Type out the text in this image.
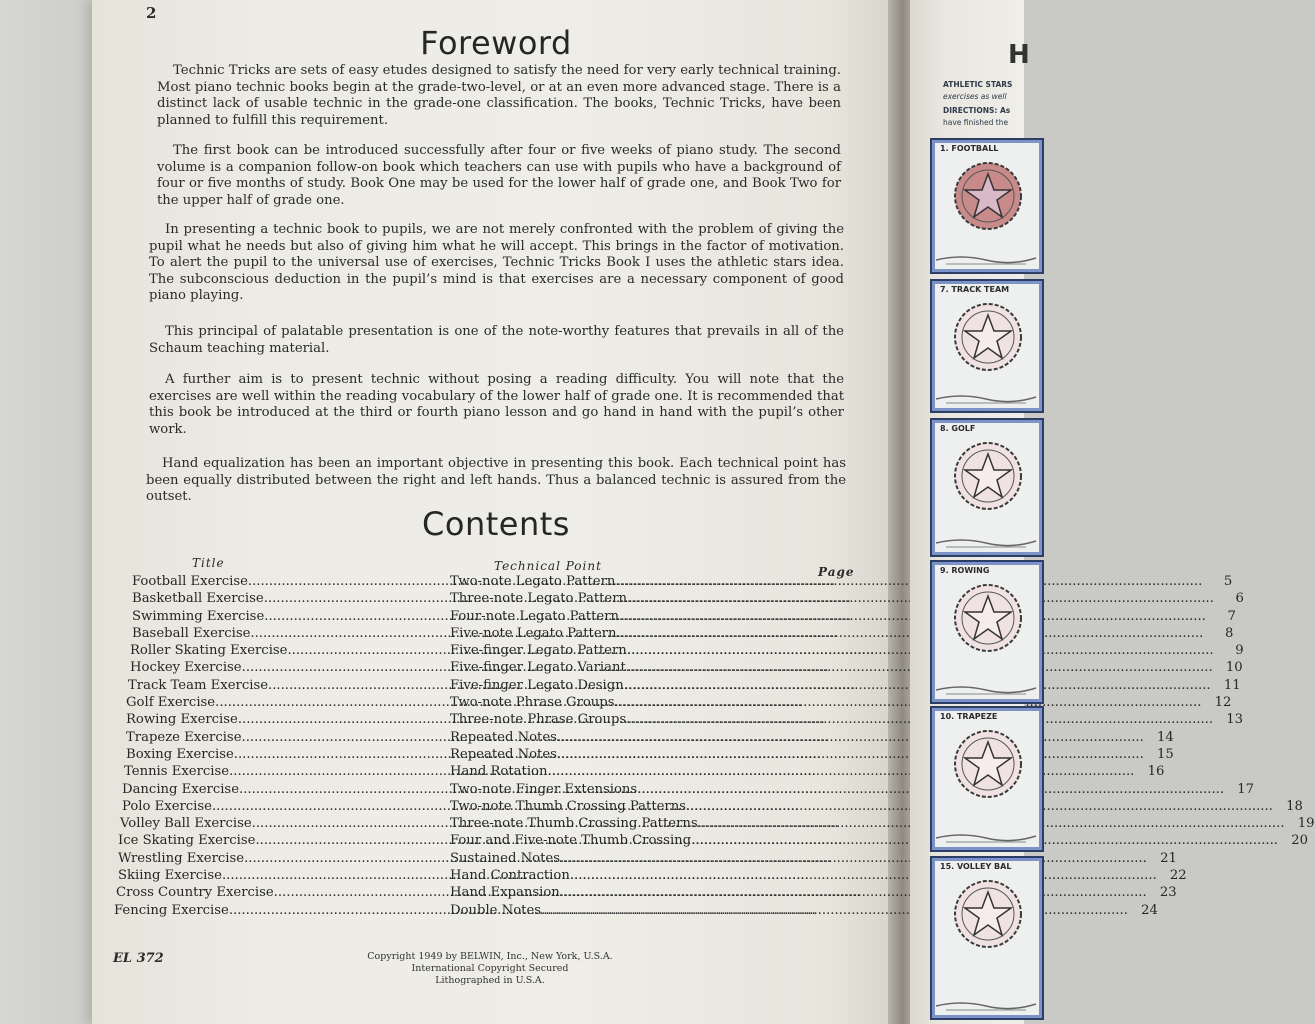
2
Foreword

Technic Tricks are sets of easy etudes designed to satisfy the need for very early technical training. Most piano technic books begin at the grade-two-level, or at an even more advanced stage. There is a distinct lack of usable technic in the grade-one classification. The books, Technic Tricks, have been planned to fulfill this requirement.

The first book can be introduced successfully after four or five weeks of piano study. The second volume is a companion follow-on book which teachers can use with pupils who have a background of four or five months of study. Book One may be used for the lower half of grade one, and Book Two for the upper half of grade one.

In presenting a technic book to pupils, we are not merely confronted with the problem of giving the pupil what he needs but also of giving him what he will accept. This brings in the factor of motivation. To alert the pupil to the universal use of exercises, Technic Tricks Book I uses the athletic stars idea. The subconscious deduction in the pupil’s mind is that exercises are a necessary component of good piano playing.

This principal of palatable presentation is one of the note-worthy features that prevails in all of the Schaum teaching material.

A further aim is to present technic without posing a reading difficulty. You will note that the exercises are well within the reading vocabulary of the lower half of grade one. It is recommended that this book be introduced at the third or fourth piano lesson and go hand in hand with the pupil’s other work.

Hand equalization has been an important objective in presenting this book. Each technical point has been equally distributed between the right and left hands. Thus a balanced technic is assured from the outset.

Contents
Title	Technical Point	Page
Football Exercise .....	Two-note Legato Pattern .....	5
Basketball Exercise .....	Three-note Legato Pattern .....	6
Swimming Exercise .....	Four-note Legato Pattern .....	7
Baseball Exercise .....	Five-note Legato Pattern .....	8
Roller Skating Exercise .....	Five-finger Legato Pattern .....	9
Hockey Exercise .....	Five-finger Legato Variant .....	10
Track Team Exercise .....	Five-finger Legato Design .....	11
Golf Exercise .....	Two-note Phrase Groups .....	12
Rowing Exercise .....	Three-note Phrase Groups .....	13
Trapeze Exercise .....	Repeated Notes .....	14
Boxing Exercise .....	Repeated Notes .....	15
Tennis Exercise .....	Hand Rotation .....	16
Dancing Exercise .....	Two-note Finger Extensions .....	17
Polo Exercise .....	Two-note Thumb Crossing Patterns .....	18
Volley Ball Exercise .....	Three-note Thumb Crossing Patterns .....	19
Ice Skating Exercise .....	Four and Five-note Thumb Crossing .....	20
Wrestling Exercise .....	Sustained Notes .....	21
Skiing Exercise .....	Hand Contraction .....	22
Cross Country Exercise .....	Hand Expansion .....	23
Fencing Exercise .....	Double Notes .....	24
EL 372	Copyright 1949 by BELWIN, Inc., New York, U.S.A.
International Copyright Secured
Lithographed in U.S.A.
H
ATHLETIC STARS
exercises as well
DIRECTIONS: As
have finished the
1. FOOTBALL
7. TRACK TEAM
8. GOLF
9. ROWING
10. TRAPEZE
15. VOLLEY BAL
